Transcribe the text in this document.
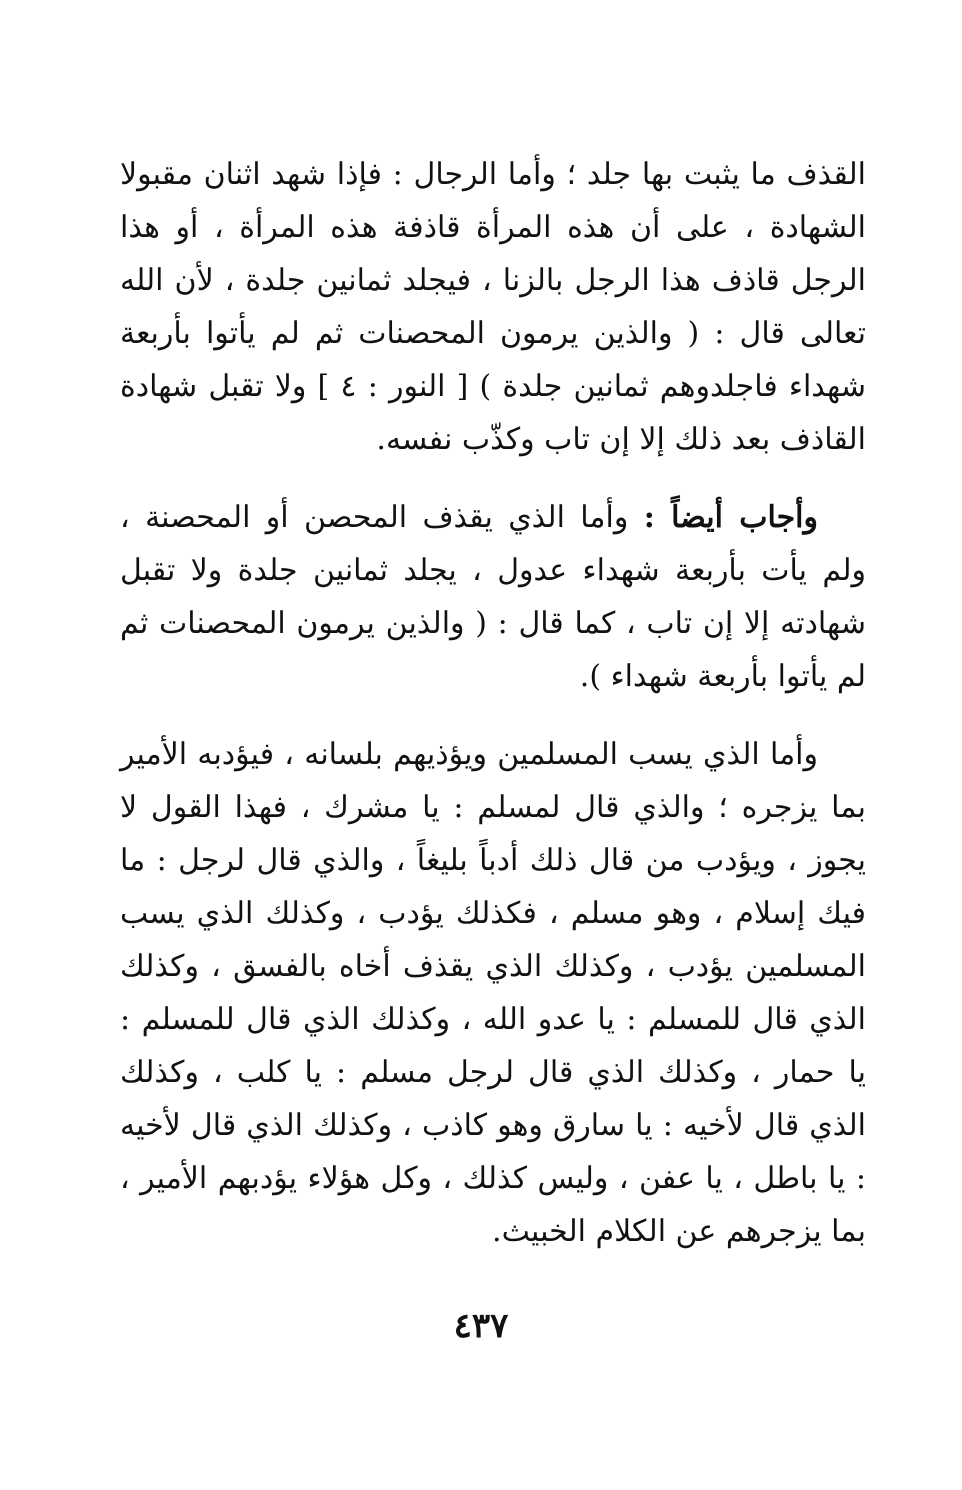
القذف ما يثبت بها جلد ؛ وأما الرجال : فإذا شهد اثنان مقبولا الشهادة ، على أن هذه المرأة قاذفة هذه المرأة ، أو هذا الرجل قاذف هذا الرجل بالزنا ، فيجلد ثمانين جلدة ، لأن الله تعالى قال : ( والذين يرمون المحصنات ثم لم يأتوا بأربعة شهداء فاجلدوهم ثمانين جلدة ) [ النور : ٤ ] ولا تقبل شهادة القاذف بعد ذلك إلا إن تاب وكذّب نفسه.

وأجاب أيضاً : وأما الذي يقذف المحصن أو المحصنة ، ولم يأت بأربعة شهداء عدول ، يجلد ثمانين جلدة ولا تقبل شهادته إلا إن تاب ، كما قال : ( والذين يرمون المحصنات ثم لم يأتوا بأربعة شهداء ).

وأما الذي يسب المسلمين ويؤذيهم بلسانه ، فيؤدبه الأمير بما يزجره ؛ والذي قال لمسلم : يا مشرك ، فهذا القول لا يجوز ، ويؤدب من قال ذلك أدباً بليغاً ، والذي قال لرجل : ما فيك إسلام ، وهو مسلم ، فكذلك يؤدب ، وكذلك الذي يسب المسلمين يؤدب ، وكذلك الذي يقذف أخاه بالفسق ، وكذلك الذي قال للمسلم : يا عدو الله ، وكذلك الذي قال للمسلم : يا حمار ، وكذلك الذي قال لرجل مسلم : يا كلب ، وكذلك الذي قال لأخيه : يا سارق وهو كاذب ، وكذلك الذي قال لأخيه : يا باطل ، يا عفن ، وليس كذلك ، وكل هؤلاء يؤدبهم الأمير ، بما يزجرهم عن الكلام الخبيث.

٤٣٧
